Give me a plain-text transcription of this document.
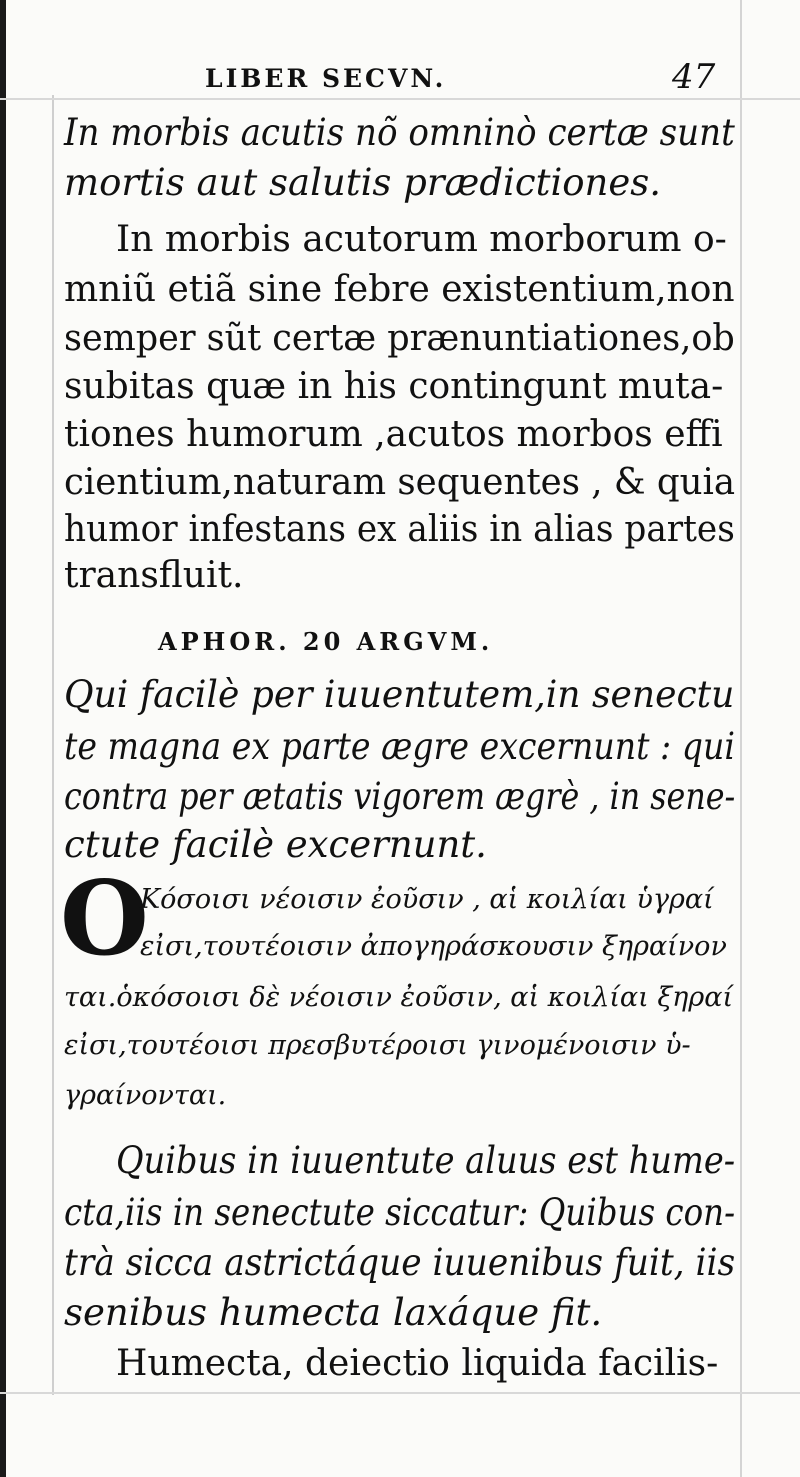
LIBER SECVN.	47
In morbis acutis nõ omninò certæ sunt
mortis aut salutis prædictiones.
In morbis acutorum morborum o-
mniũ etiã sine febre existentium,non
semper sũt certæ prænuntiationes,ob
subitas quæ in his contingunt muta-
tiones humorum ,acutos morbos effi
cientium,naturam sequentes , & quia
humor infestans ex aliis in alias partes
transfluit.
APHOR. 20 ARGVM.
Qui facilè per iuuentutem,in senectu
te magna ex parte ægre excernunt : qui
contra per ætatis vigorem ægrè , in sene-
ctute facilè excernunt.
O
Κόσοισι νέοισιν ἐοῦσιν , αἱ κοιλίαι ὑγραί
εἰσι,τουτέοισιν ἀπογηράσκουσιν ξηραίνον
ται.ὁκόσοισι δὲ νέοισιν ἐοῦσιν, αἱ κοιλίαι ξηραί
εἰσι,τουτέοισι πρεσβυτέροισι γινομένοισιν ὑ-
γραίνονται.
Quibus in iuuentute aluus est hume-
cta,iis in senectute siccatur: Quibus con-
trà sicca astrictáque iuuenibus fuit, iis
senibus humecta laxáque fit.
Humecta, deiectio liquida facilis-
